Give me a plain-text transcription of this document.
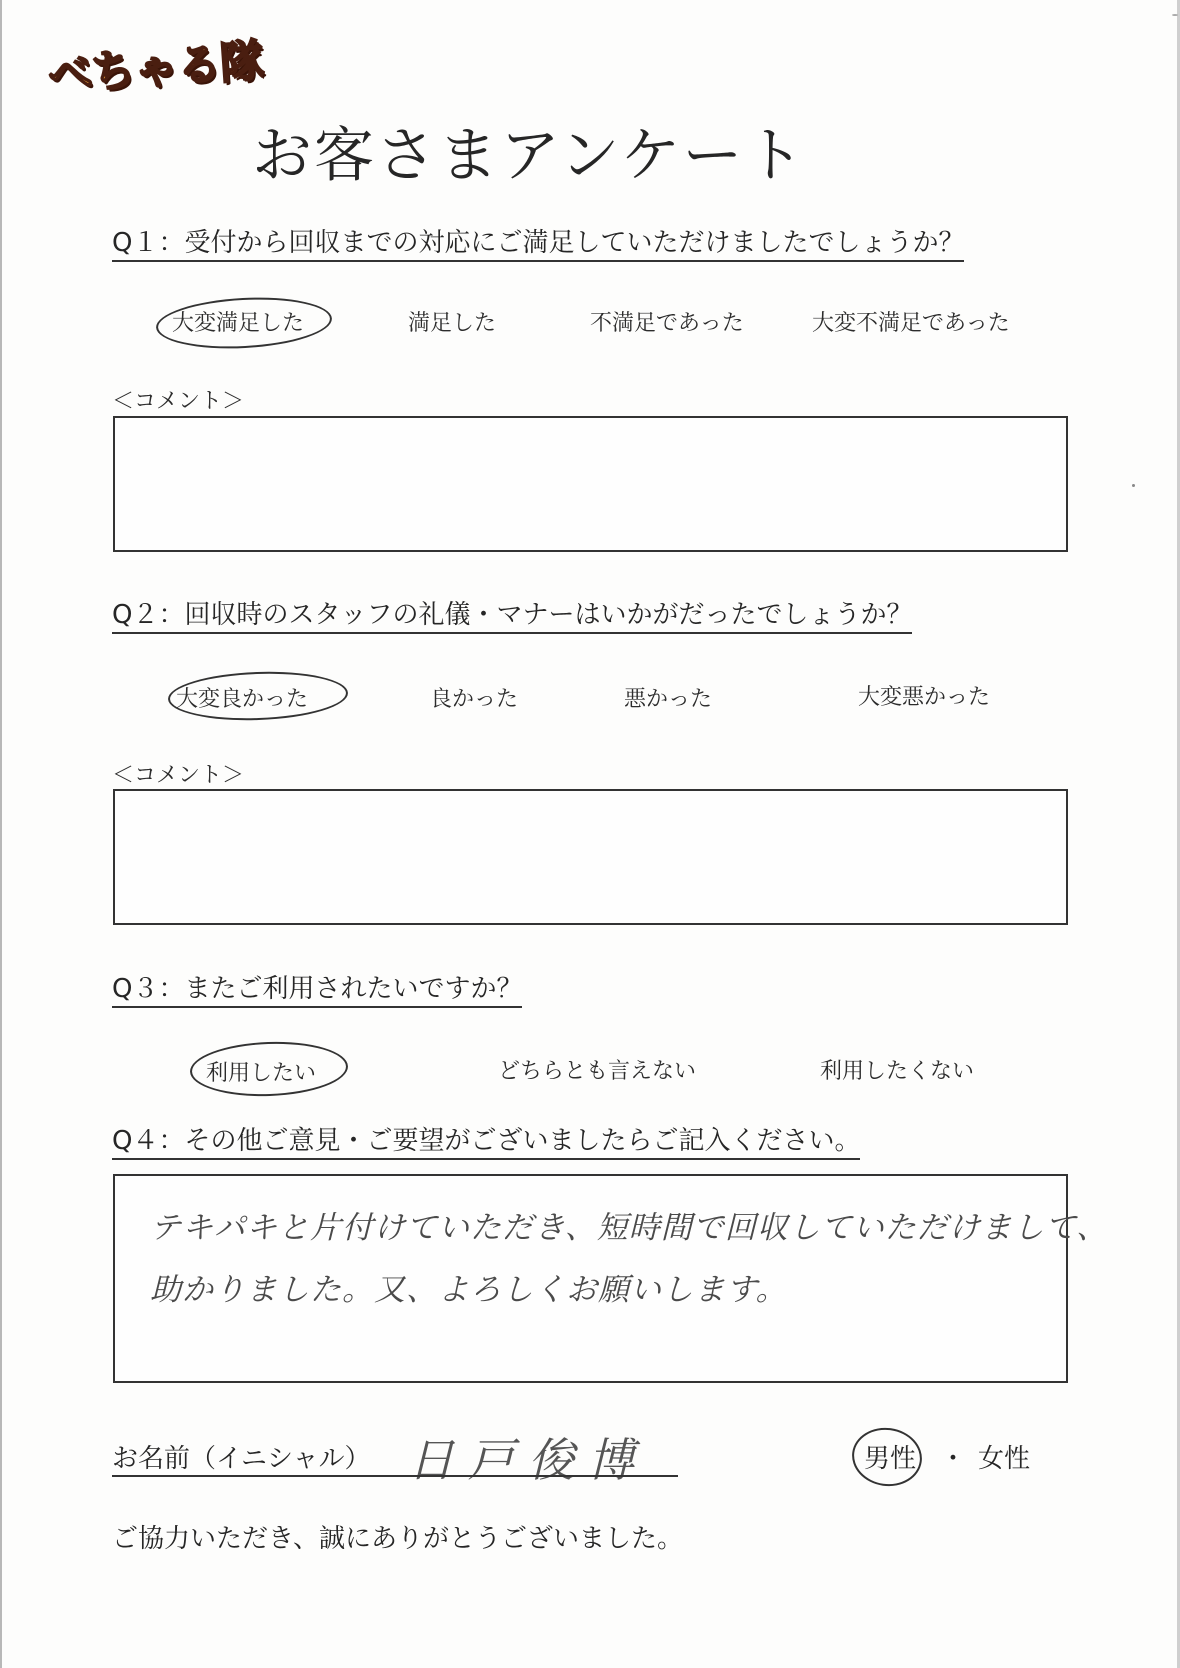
べちゃる隊
お客さまアンケート
Q１：受付から回収までの対応にご満足していただけましたでしょうか？
大変満足した	満足した	不満足であった	大変不満足であった
＜コメント＞
Q２：回収時のスタッフの礼儀・マナーはいかがだったでしょうか？
大変良かった	良かった	悪かった	大変悪かった
＜コメント＞
Q３：またご利用されたいですか？
利用したい	どちらとも言えない	利用したくない
Q４：その他ご意見・ご要望がございましたらご記入ください。
テキパキと片付けていただき、短時間で回収していただけまして、
助かりました。又、よろしくお願いします。
お名前（イニシャル） 日戸俊博	男性 ・ 女性
ご協力いただき、誠にありがとうございました。
